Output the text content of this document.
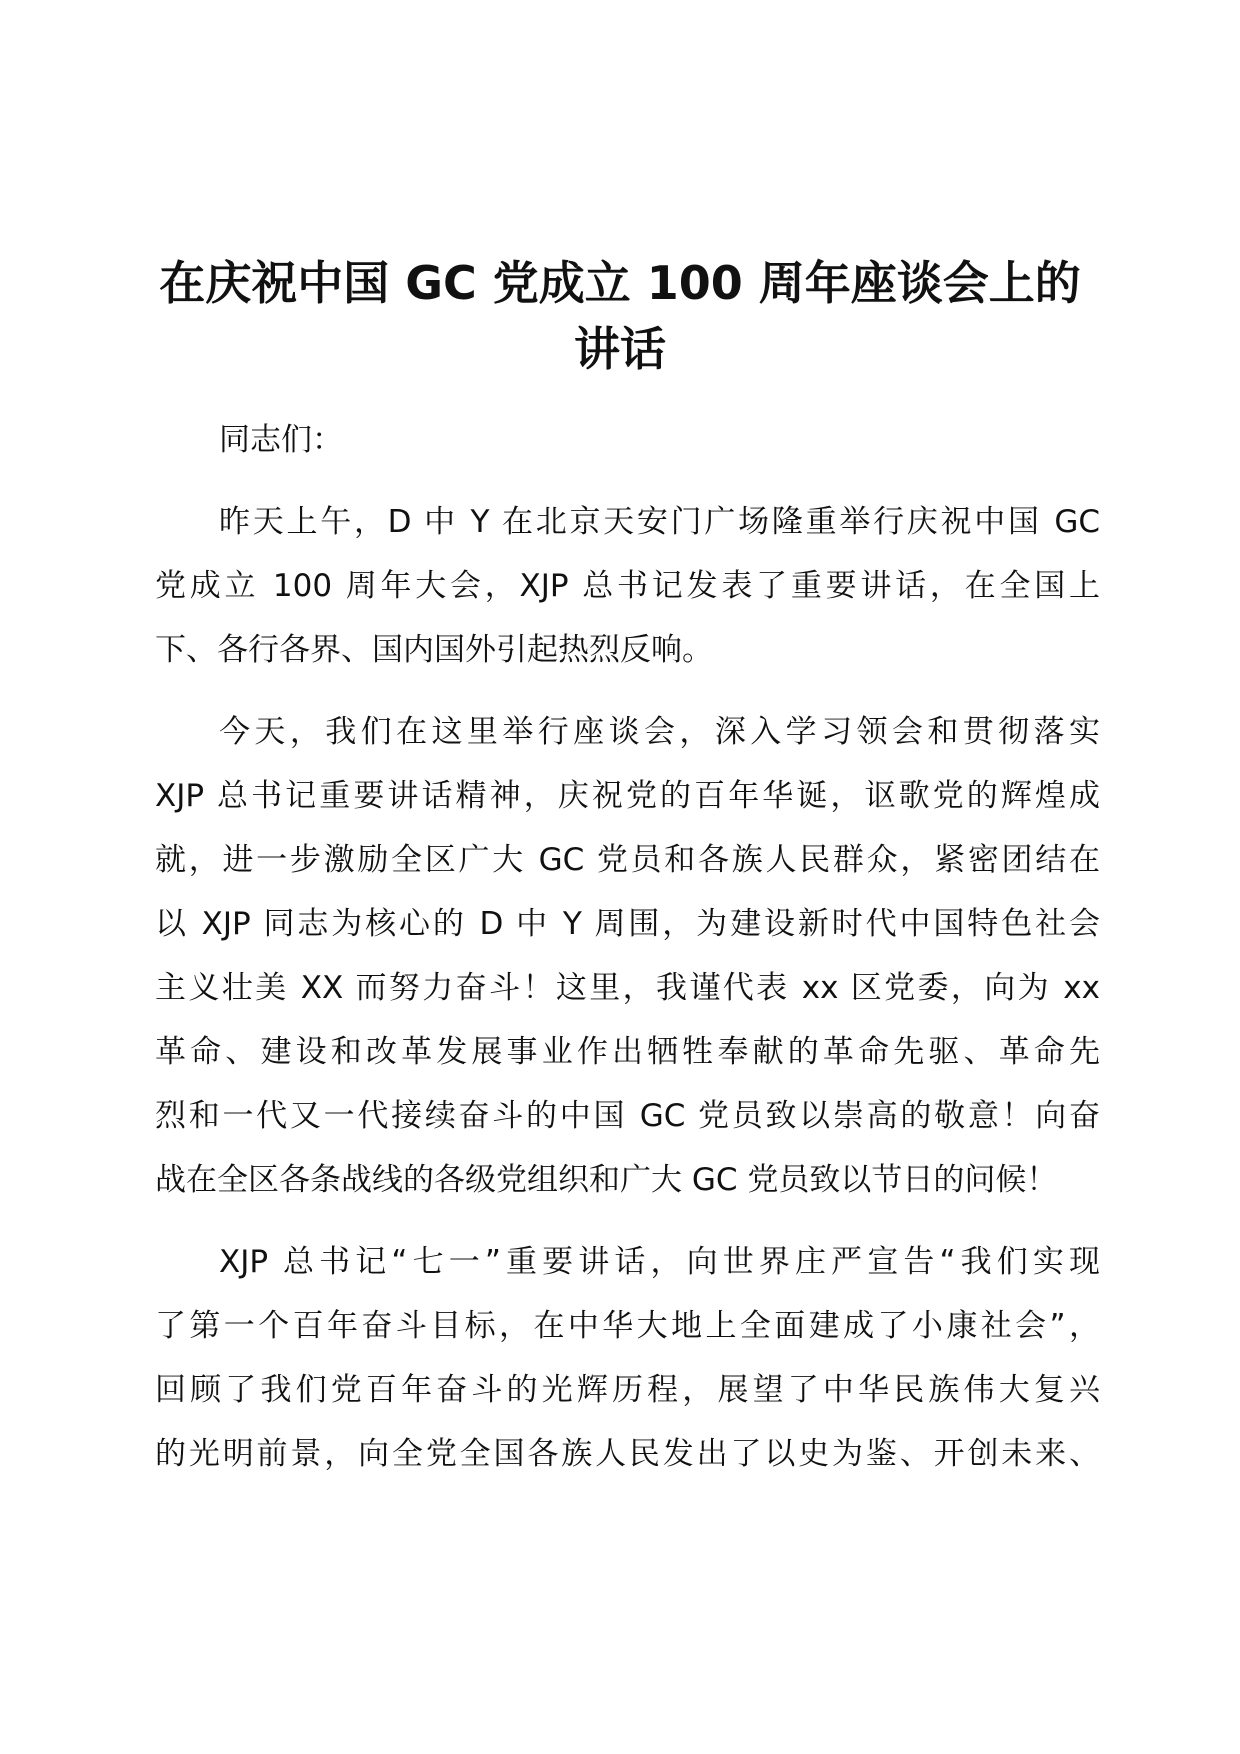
在庆祝中国 GC 党成立 100 周年座谈会上的
讲话

同志们：

昨天上午，D 中 Y 在北京天安门广场隆重举行庆祝中国 GC
党成立 100 周年大会，XJP 总书记发表了重要讲话，在全国上
下、各行各界、国内国外引起热烈反响。

今天，我们在这里举行座谈会，深入学习领会和贯彻落实
XJP 总书记重要讲话精神，庆祝党的百年华诞，讴歌党的辉煌成
就，进一步激励全区广大 GC 党员和各族人民群众，紧密团结在
以 XJP 同志为核心的 D 中 Y 周围，为建设新时代中国特色社会
主义壮美 XX 而努力奋斗！这里，我谨代表 xx 区党委，向为 xx
革命、建设和改革发展事业作出牺牲奉献的革命先驱、革命先
烈和一代又一代接续奋斗的中国 GC 党员致以崇高的敬意！向奋
战在全区各条战线的各级党组织和广大 GC 党员致以节日的问候！

XJP 总书记“七一”重要讲话，向世界庄严宣告“我们实现
了第一个百年奋斗目标，在中华大地上全面建成了小康社会”，
回顾了我们党百年奋斗的光辉历程，展望了中华民族伟大复兴
的光明前景，向全党全国各族人民发出了以史为鉴、开创未来、
